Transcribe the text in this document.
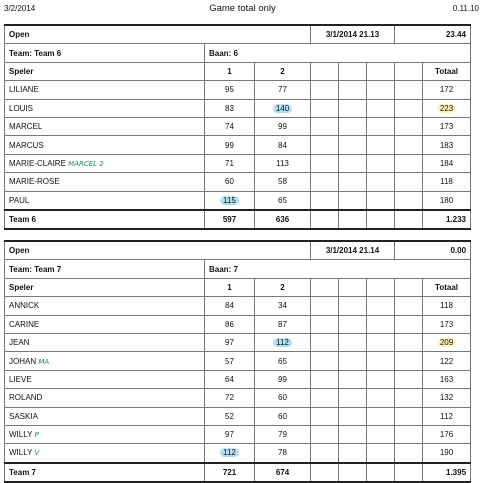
3/2/2014	Game total only	0.11.10
Open			3/1/2014 21.13			23.44	
Team: Team 6	Baan: 6						
Speler	1	2					Totaal
LILIANE	95	77					172
LOUIS	83	140					223
MARCEL	74	99					173
MARCUS	99	84					183
MARIE-CLAIRE MARCEL 2	71	113					184
MARIE-ROSE	60	58					118
PAUL	115	65					180
Team 6	597	636					1.233
Open			3/1/2014 21.14			0.00	
Team: Team 7	Baan: 7						
Speler	1	2					Totaal
ANNICK	84	34					118
CARINE	86	87					173
JEAN	97	112					209
JOHAN MA	57	65					122
LIEVE	64	99					163
ROLAND	72	60					132
SASKIA	52	60					112
WILLY P	97	79					176
WILLY V	112	78					190
Team 7	721	674					1.395
